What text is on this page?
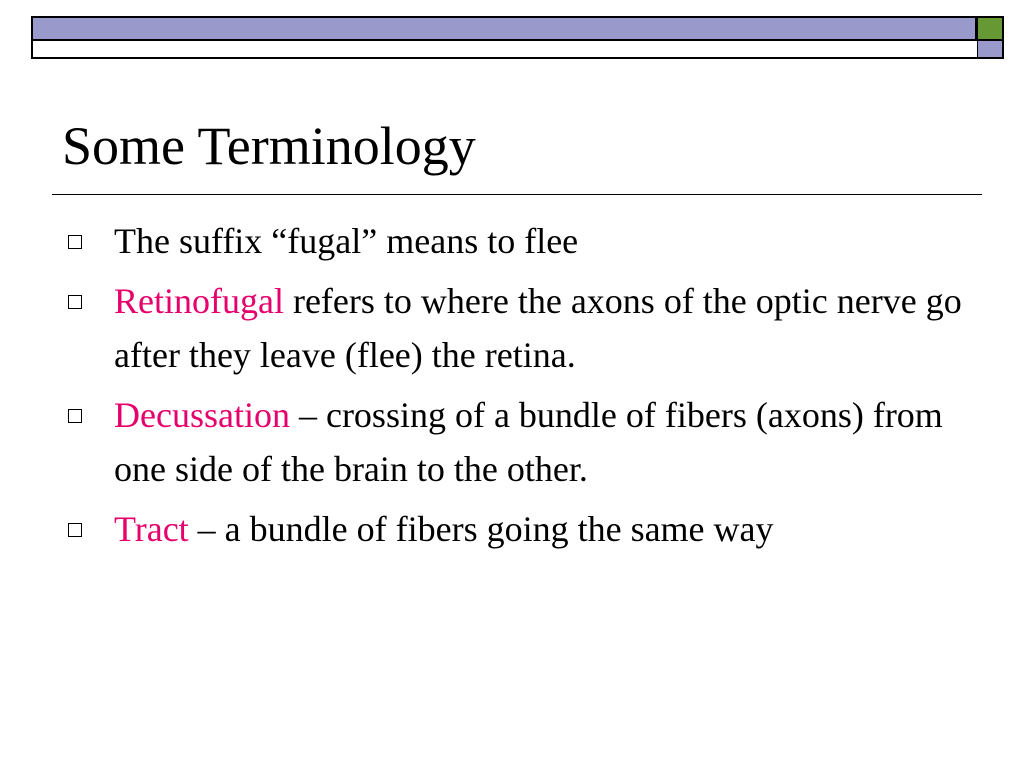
Some Terminology
The suffix “fugal” means to flee
Retinofugal refers to where the axons of the optic nerve go after they leave (flee) the retina.
Decussation – crossing of a bundle of fibers (axons) from one side of the brain to the other.
Tract – a bundle of fibers going the same way
